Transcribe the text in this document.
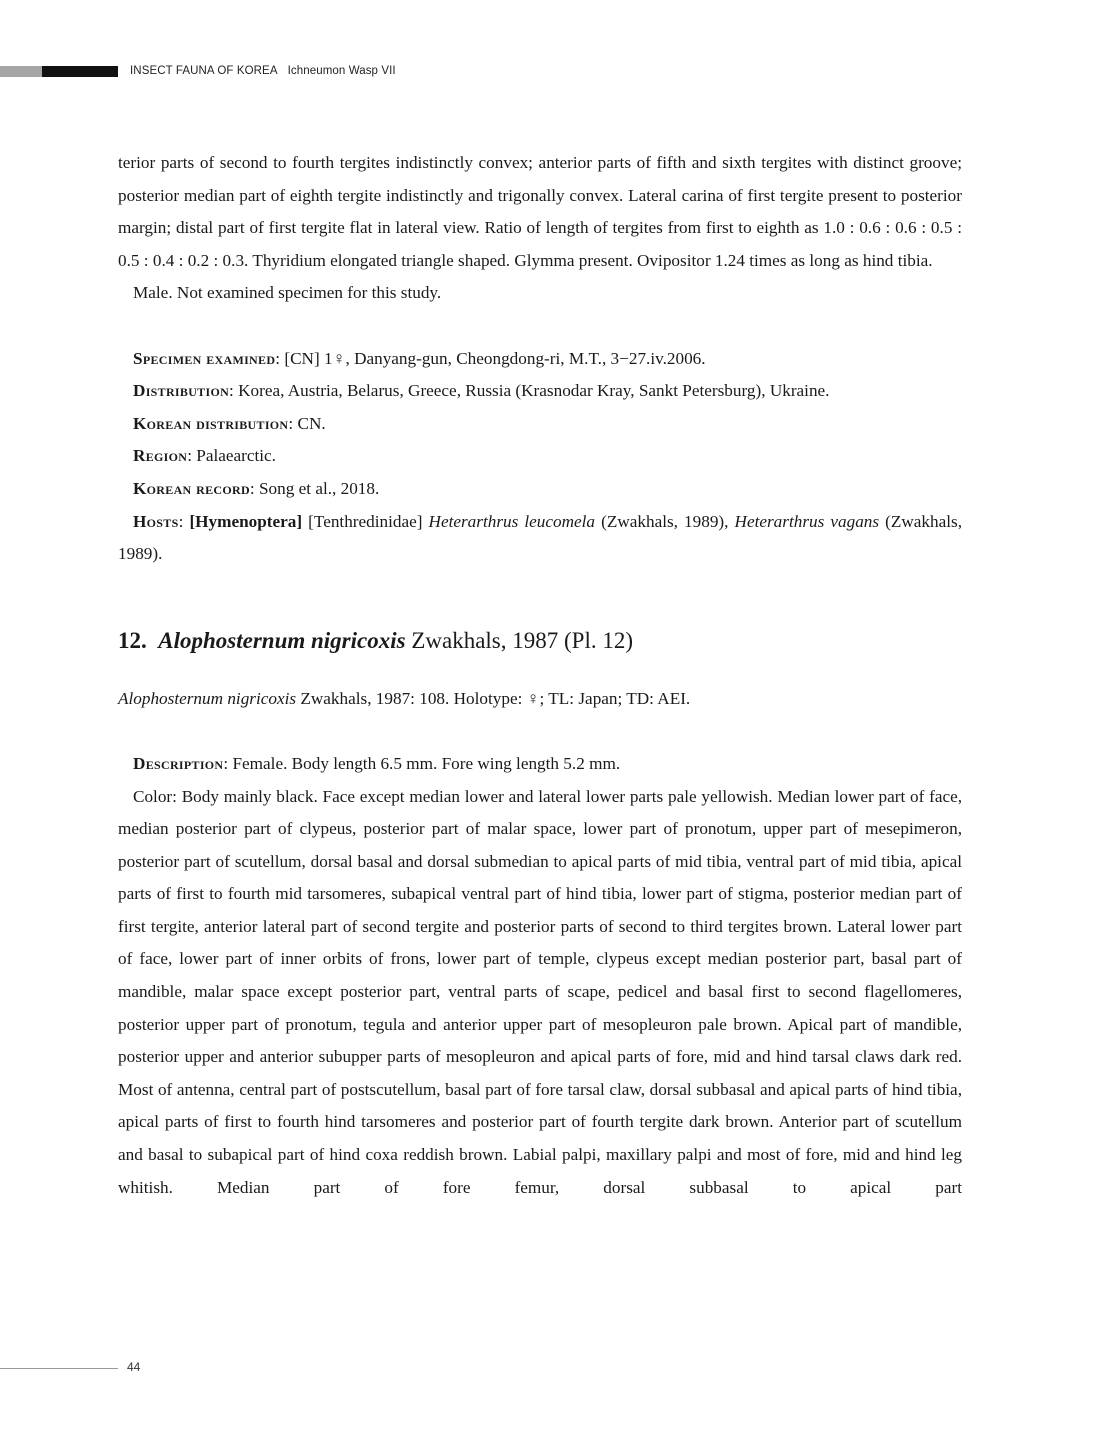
INSECT FAUNA OF KOREA Ichneumon Wasp VII

terior parts of second to fourth tergites indistinctly convex; anterior parts of fifth and sixth tergites with distinct groove; posterior median part of eighth tergite indistinctly and trigonally convex. Lateral carina of first tergite present to posterior margin; distal part of first tergite flat in lateral view. Ratio of length of tergites from first to eighth as 1.0 : 0.6 : 0.6 : 0.5 : 0.5 : 0.4 : 0.2 : 0.3. Thyridium elongated triangle shaped. Glymma present. Ovipositor 1.24 times as long as hind tibia.

Male. Not examined specimen for this study.

Specimen examined: [CN] 1♀, Danyang-gun, Cheongdong-ri, M.T., 3−27.iv.2006.

Distribution: Korea, Austria, Belarus, Greece, Russia (Krasnodar Kray, Sankt Petersburg), Ukraine.

Korean distribution: CN.

Region: Palaearctic.

Korean record: Song et al., 2018.

Hosts: [Hymenoptera] [Tenthredinidae] Heterarthrus leucomela (Zwakhals, 1989), Heterarthrus vagans (Zwakhals, 1989).

12. Alophosternum nigricoxis Zwakhals, 1987 (Pl. 12)

Alophosternum nigricoxis Zwakhals, 1987: 108. Holotype: ♀; TL: Japan; TD: AEI.

Description: Female. Body length 6.5 mm. Fore wing length 5.2 mm.

Color: Body mainly black. Face except median lower and lateral lower parts pale yellowish. Median lower part of face, median posterior part of clypeus, posterior part of malar space, lower part of pronotum, upper part of mesepimeron, posterior part of scutellum, dorsal basal and dorsal submedian to apical parts of mid tibia, ventral part of mid tibia, apical parts of first to fourth mid tarsomeres, subapical ventral part of hind tibia, lower part of stigma, posterior median part of first tergite, anterior lateral part of second tergite and posterior parts of second to third tergites brown. Lateral lower part of face, lower part of inner orbits of frons, lower part of temple, clypeus except median posterior part, basal part of mandible, malar space except posterior part, ventral parts of scape, pedicel and basal first to second flagellomeres, posterior upper part of pronotum, tegula and anterior upper part of mesopleuron pale brown. Apical part of mandible, posterior upper and anterior subupper parts of mesopleuron and apical parts of fore, mid and hind tarsal claws dark red. Most of antenna, central part of postscutellum, basal part of fore tarsal claw, dorsal subbasal and apical parts of hind tibia, apical parts of first to fourth hind tarsomeres and posterior part of fourth tergite dark brown. Anterior part of scutellum and basal to subapical part of hind coxa reddish brown. Labial palpi, maxillary palpi and most of fore, mid and hind leg whitish. Median part of fore femur, dorsal subbasal to apical part

44
